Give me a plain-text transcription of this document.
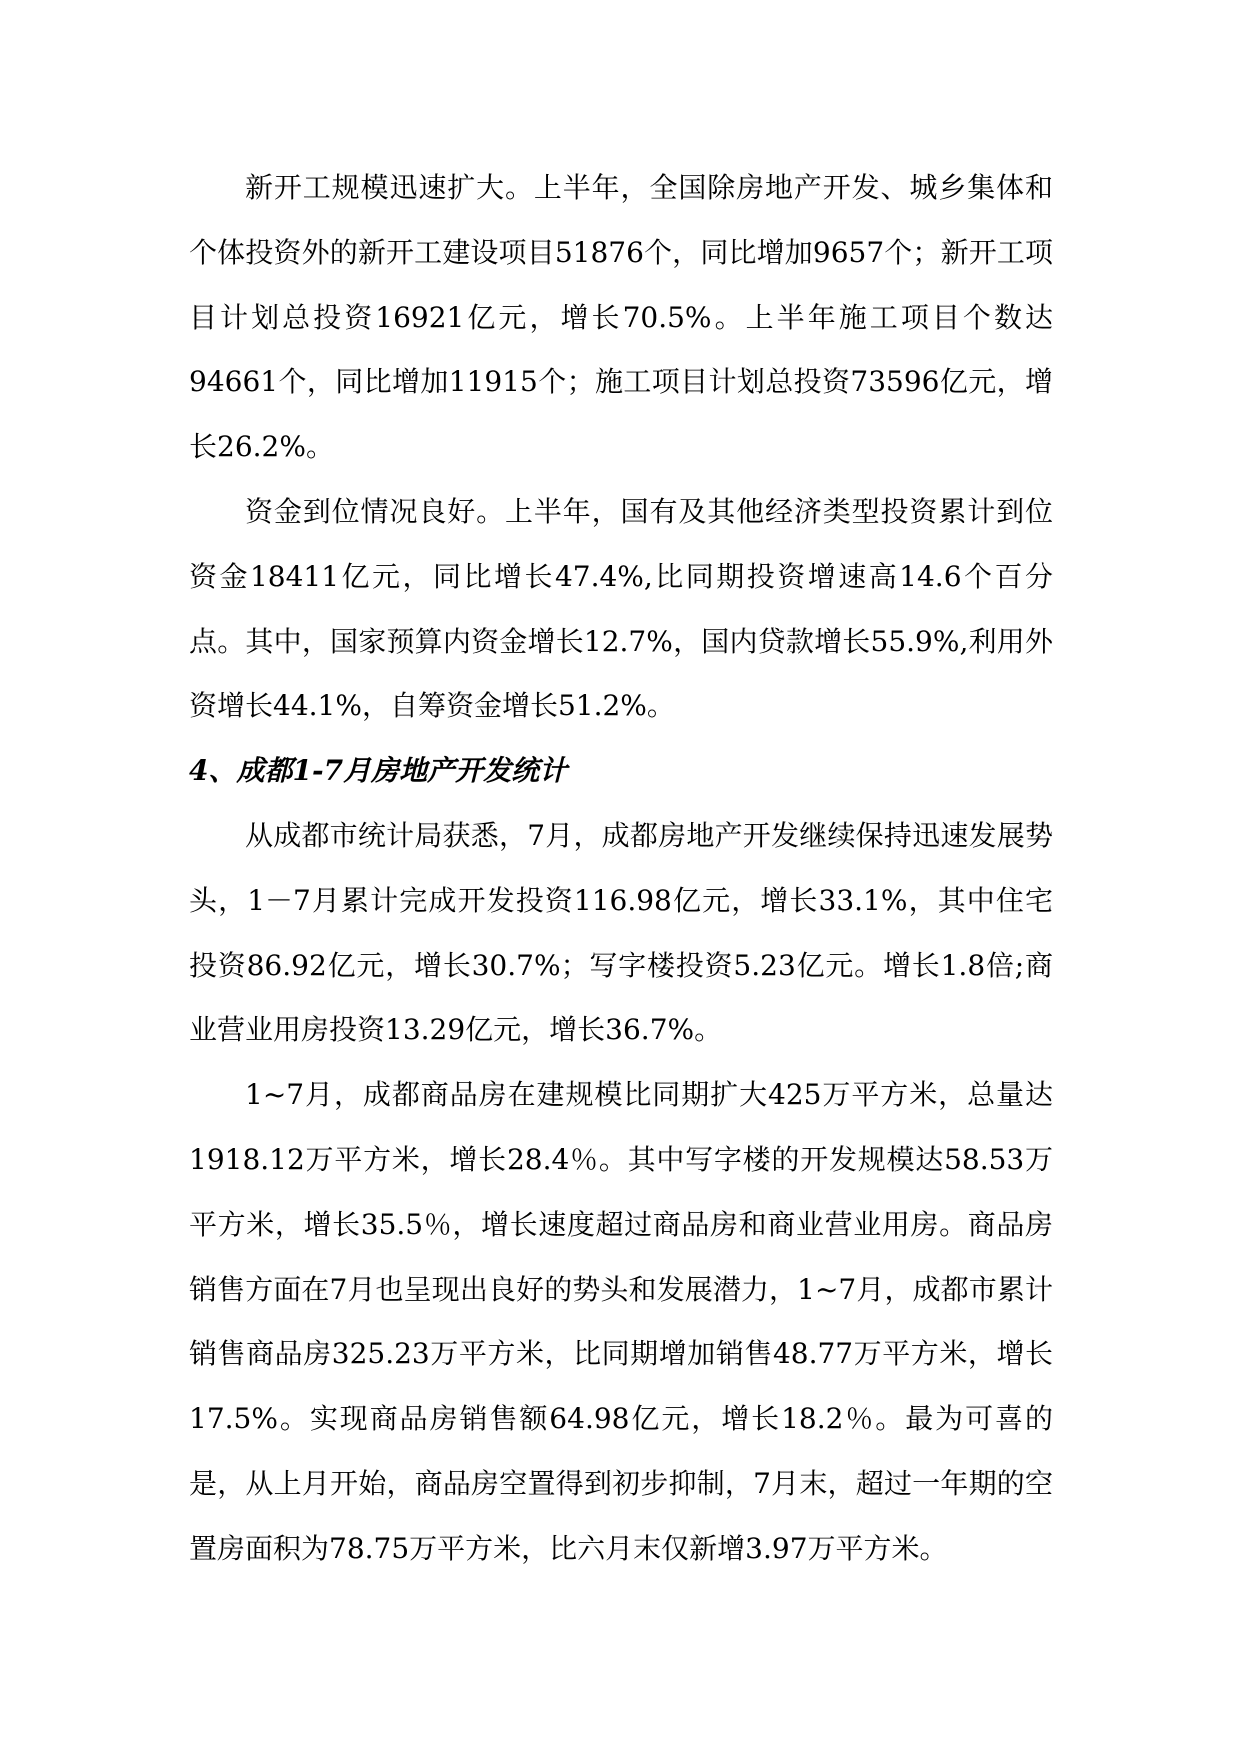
新开工规模迅速扩大。上半年，全国除房地产开发、城乡集体和个体投资外的新开工建设项目51876个，同比增加9657个；新开工项目计划总投资16921亿元，增长70.5%。上半年施工项目个数达94661个，同比增加11915个；施工项目计划总投资73596亿元，增长26.2%。

资金到位情况良好。上半年，国有及其他经济类型投资累计到位资金18411亿元，同比增长47.4%,比同期投资增速高14.6个百分点。其中，国家预算内资金增长12.7%，国内贷款增长55.9%,利用外资增长44.1%，自筹资金增长51.2%。

4、成都1-7月房地产开发统计

从成都市统计局获悉，7月，成都房地产开发继续保持迅速发展势头，1－7月累计完成开发投资116.98亿元，增长33.1%，其中住宅投资86.92亿元，增长30.7%；写字楼投资5.23亿元。增长1.8倍;商业营业用房投资13.29亿元，增长36.7%。

1~7月，成都商品房在建规模比同期扩大425万平方米，总量达1918.12万平方米，增长28.4％。其中写字楼的开发规模达58.53万平方米，增长35.5％，增长速度超过商品房和商业营业用房。商品房销售方面在7月也呈现出良好的势头和发展潜力，1~7月，成都市累计销售商品房325.23万平方米，比同期增加销售48.77万平方米，增长17.5%。实现商品房销售额64.98亿元，增长18.2％。最为可喜的是，从上月开始，商品房空置得到初步抑制，7月末，超过一年期的空置房面积为78.75万平方米，比六月末仅新增3.97万平方米。
